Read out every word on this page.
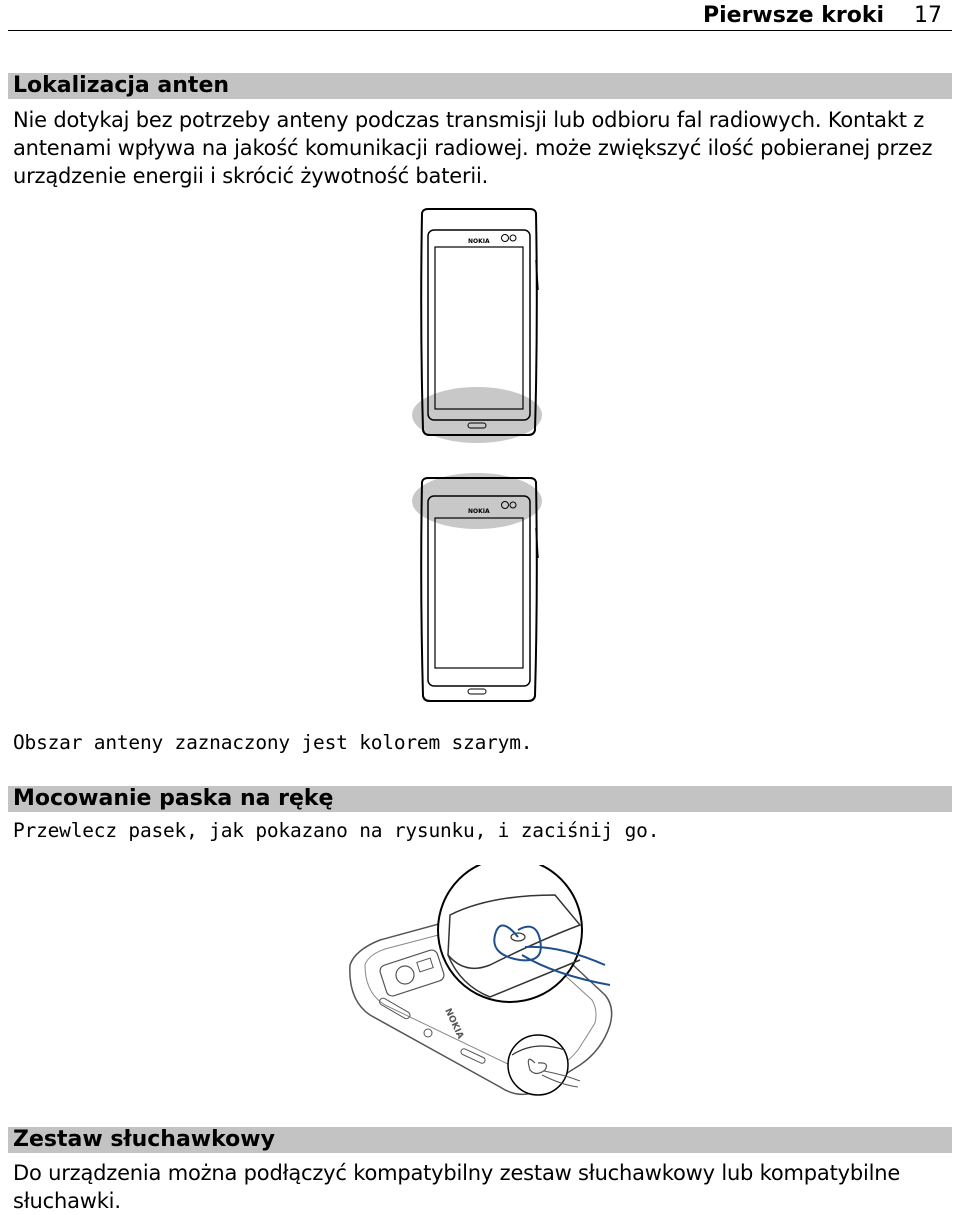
Pierwsze kroki 17
Lokalizacja anten
Nie dotykaj bez potrzeby anteny podczas transmisji lub odbioru fal radiowych. Kontakt z antenami wpływa na jakość komunikacji radiowej. może zwiększyć ilość pobieranej przez urządzenie energii i skrócić żywotność baterii.
NOKIA
NOKIA
Obszar anteny zaznaczony jest kolorem szarym.
Mocowanie paska na rękę
Przewlecz pasek, jak pokazano na rysunku, i zaciśnij go.
NOKIA
Zestaw słuchawkowy
Do urządzenia można podłączyć kompatybilny zestaw słuchawkowy lub kompatybilne słuchawki.
